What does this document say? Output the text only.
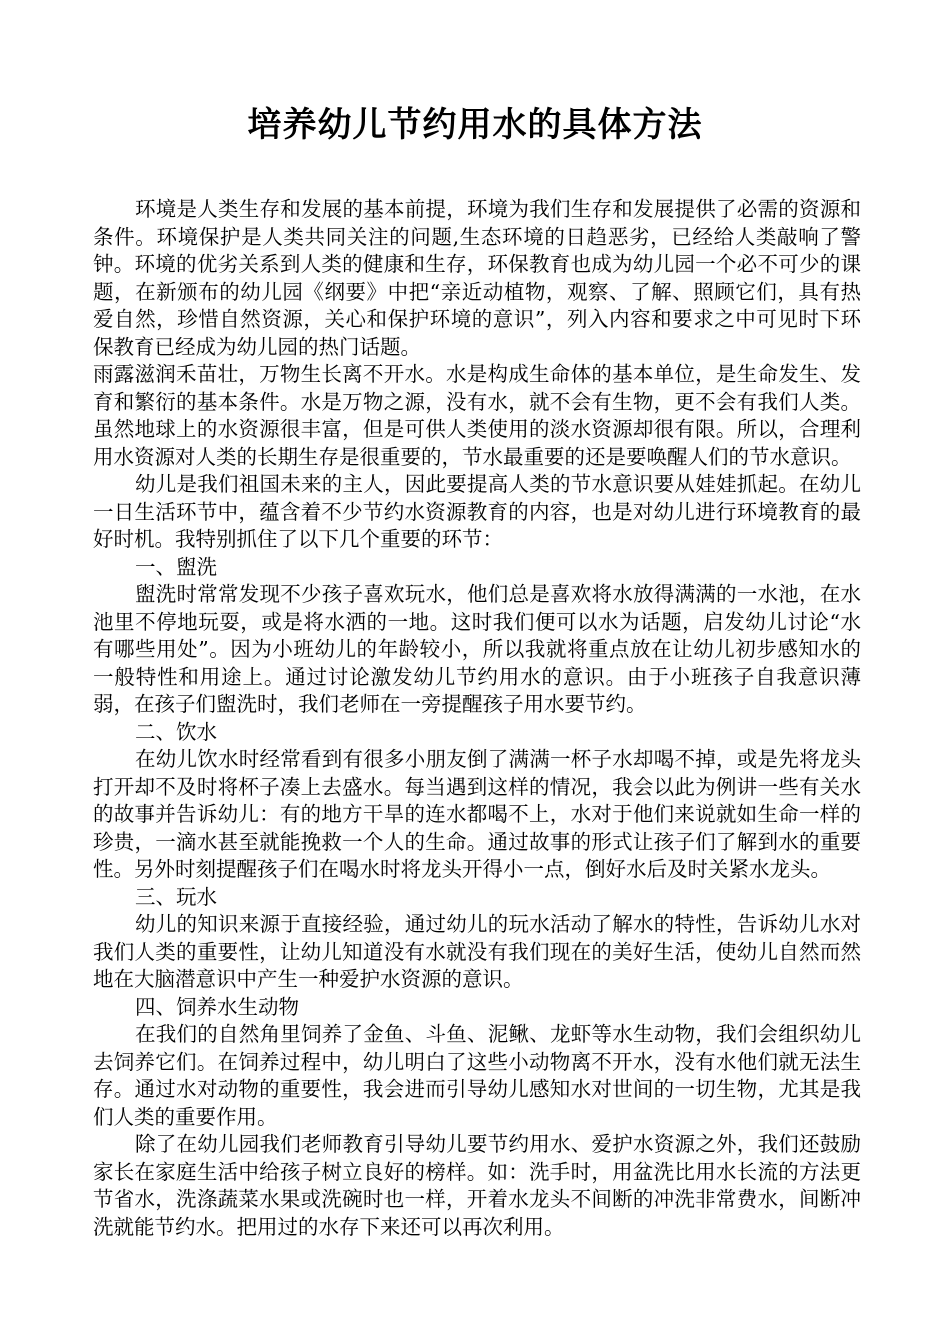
培养幼儿节约用水的具体方法

环境是人类生存和发展的基本前提，环境为我们生存和发展提供了必需的资源和条件。环境保护是人类共同关注的问题,生态环境的日趋恶劣，已经给人类敲响了警钟。环境的优劣关系到人类的健康和生存，环保教育也成为幼儿园一个必不可少的课题，在新颁布的幼儿园《纲要》中把“亲近动植物，观察、了解、照顾它们，具有热爱自然，珍惜自然资源，关心和保护环境的意识”，列入内容和要求之中可见时下环保教育已经成为幼儿园的热门话题。

雨露滋润禾苗壮，万物生长离不开水。水是构成生命体的基本单位，是生命发生、发育和繁衍的基本条件。水是万物之源，没有水，就不会有生物，更不会有我们人类。虽然地球上的水资源很丰富，但是可供人类使用的淡水资源却很有限。所以，合理利用水资源对人类的长期生存是很重要的，节水最重要的还是要唤醒人们的节水意识。

幼儿是我们祖国未来的主人，因此要提高人类的节水意识要从娃娃抓起。在幼儿一日生活环节中，蕴含着不少节约水资源教育的内容，也是对幼儿进行环境教育的最好时机。我特别抓住了以下几个重要的环节：

一、盥洗

盥洗时常常发现不少孩子喜欢玩水，他们总是喜欢将水放得满满的一水池，在水池里不停地玩耍，或是将水洒的一地。这时我们便可以水为话题，启发幼儿讨论“水有哪些用处”。因为小班幼儿的年龄较小，所以我就将重点放在让幼儿初步感知水的一般特性和用途上。通过讨论激发幼儿节约用水的意识。由于小班孩子自我意识薄弱，在孩子们盥洗时，我们老师在一旁提醒孩子用水要节约。

二、饮水

在幼儿饮水时经常看到有很多小朋友倒了满满一杯子水却喝不掉，或是先将龙头打开却不及时将杯子凑上去盛水。每当遇到这样的情况，我会以此为例讲一些有关水的故事并告诉幼儿：有的地方干旱的连水都喝不上，水对于他们来说就如生命一样的珍贵，一滴水甚至就能挽救一个人的生命。通过故事的形式让孩子们了解到水的重要性。另外时刻提醒孩子们在喝水时将龙头开得小一点，倒好水后及时关紧水龙头。

三、玩水

幼儿的知识来源于直接经验，通过幼儿的玩水活动了解水的特性，告诉幼儿水对我们人类的重要性，让幼儿知道没有水就没有我们现在的美好生活，使幼儿自然而然地在大脑潜意识中产生一种爱护水资源的意识。

四、饲养水生动物

在我们的自然角里饲养了金鱼、斗鱼、泥鳅、龙虾等水生动物，我们会组织幼儿去饲养它们。在饲养过程中，幼儿明白了这些小动物离不开水，没有水他们就无法生存。通过水对动物的重要性，我会进而引导幼儿感知水对世间的一切生物，尤其是我们人类的重要作用。

除了在幼儿园我们老师教育引导幼儿要节约用水、爱护水资源之外，我们还鼓励家长在家庭生活中给孩子树立良好的榜样。如：洗手时，用盆洗比用水长流的方法更节省水，洗涤蔬菜水果或洗碗时也一样，开着水龙头不间断的冲洗非常费水，间断冲洗就能节约水。把用过的水存下来还可以再次利用。
